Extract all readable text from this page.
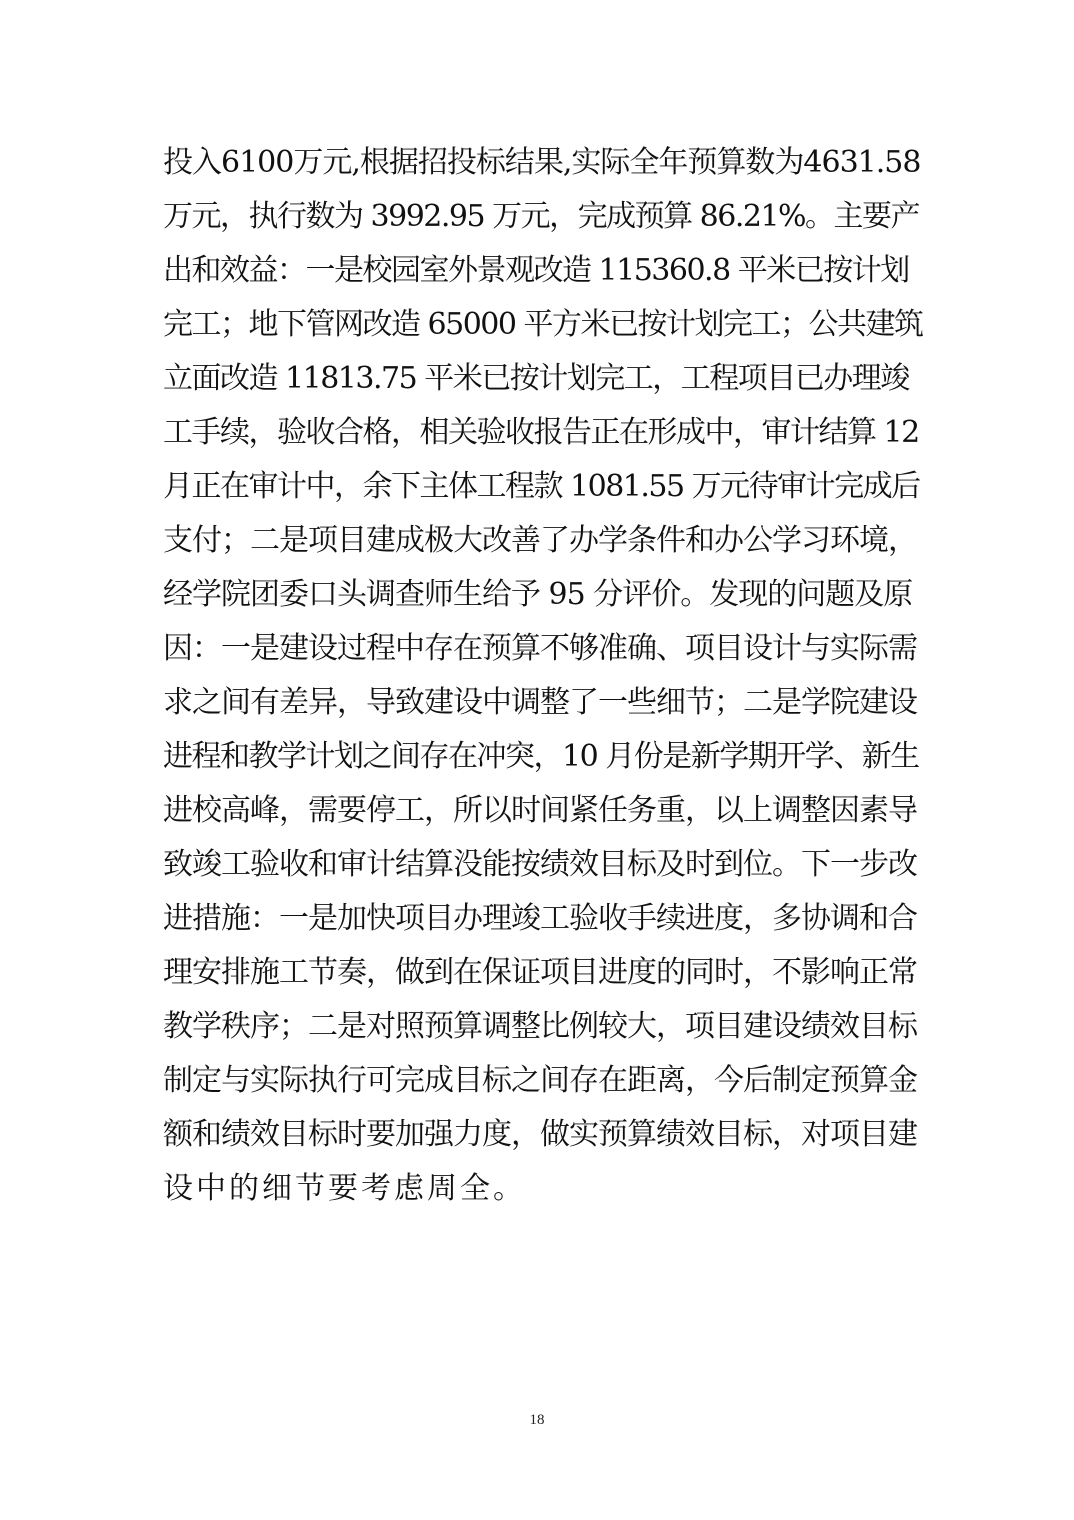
投入6100万元,根据招投标结果,实际全年预算数为4631.58
万元，执行数为 3992.95 万元，完成预算 86.21%。主要产
出和效益：一是校园室外景观改造 115360.8 平米已按计划
完工；地下管网改造 65000 平方米已按计划完工；公共建筑
立面改造 11813.75 平米已按计划完工，工程项目已办理竣
工手续，验收合格，相关验收报告正在形成中，审计结算 12
月正在审计中，余下主体工程款 1081.55 万元待审计完成后
支付；二是项目建成极大改善了办学条件和办公学习环境，
经学院团委口头调查师生给予 95 分评价。发现的问题及原
因：一是建设过程中存在预算不够准确、项目设计与实际需
求之间有差异，导致建设中调整了一些细节；二是学院建设
进程和教学计划之间存在冲突，10 月份是新学期开学、新生
进校高峰，需要停工，所以时间紧任务重，以上调整因素导
致竣工验收和审计结算没能按绩效目标及时到位。下一步改
进措施：一是加快项目办理竣工验收手续进度，多协调和合
理安排施工节奏，做到在保证项目进度的同时，不影响正常
教学秩序；二是对照预算调整比例较大，项目建设绩效目标
制定与实际执行可完成目标之间存在距离，今后制定预算金
额和绩效目标时要加强力度，做实预算绩效目标，对项目建
设中的细节要考虑周全。
18
